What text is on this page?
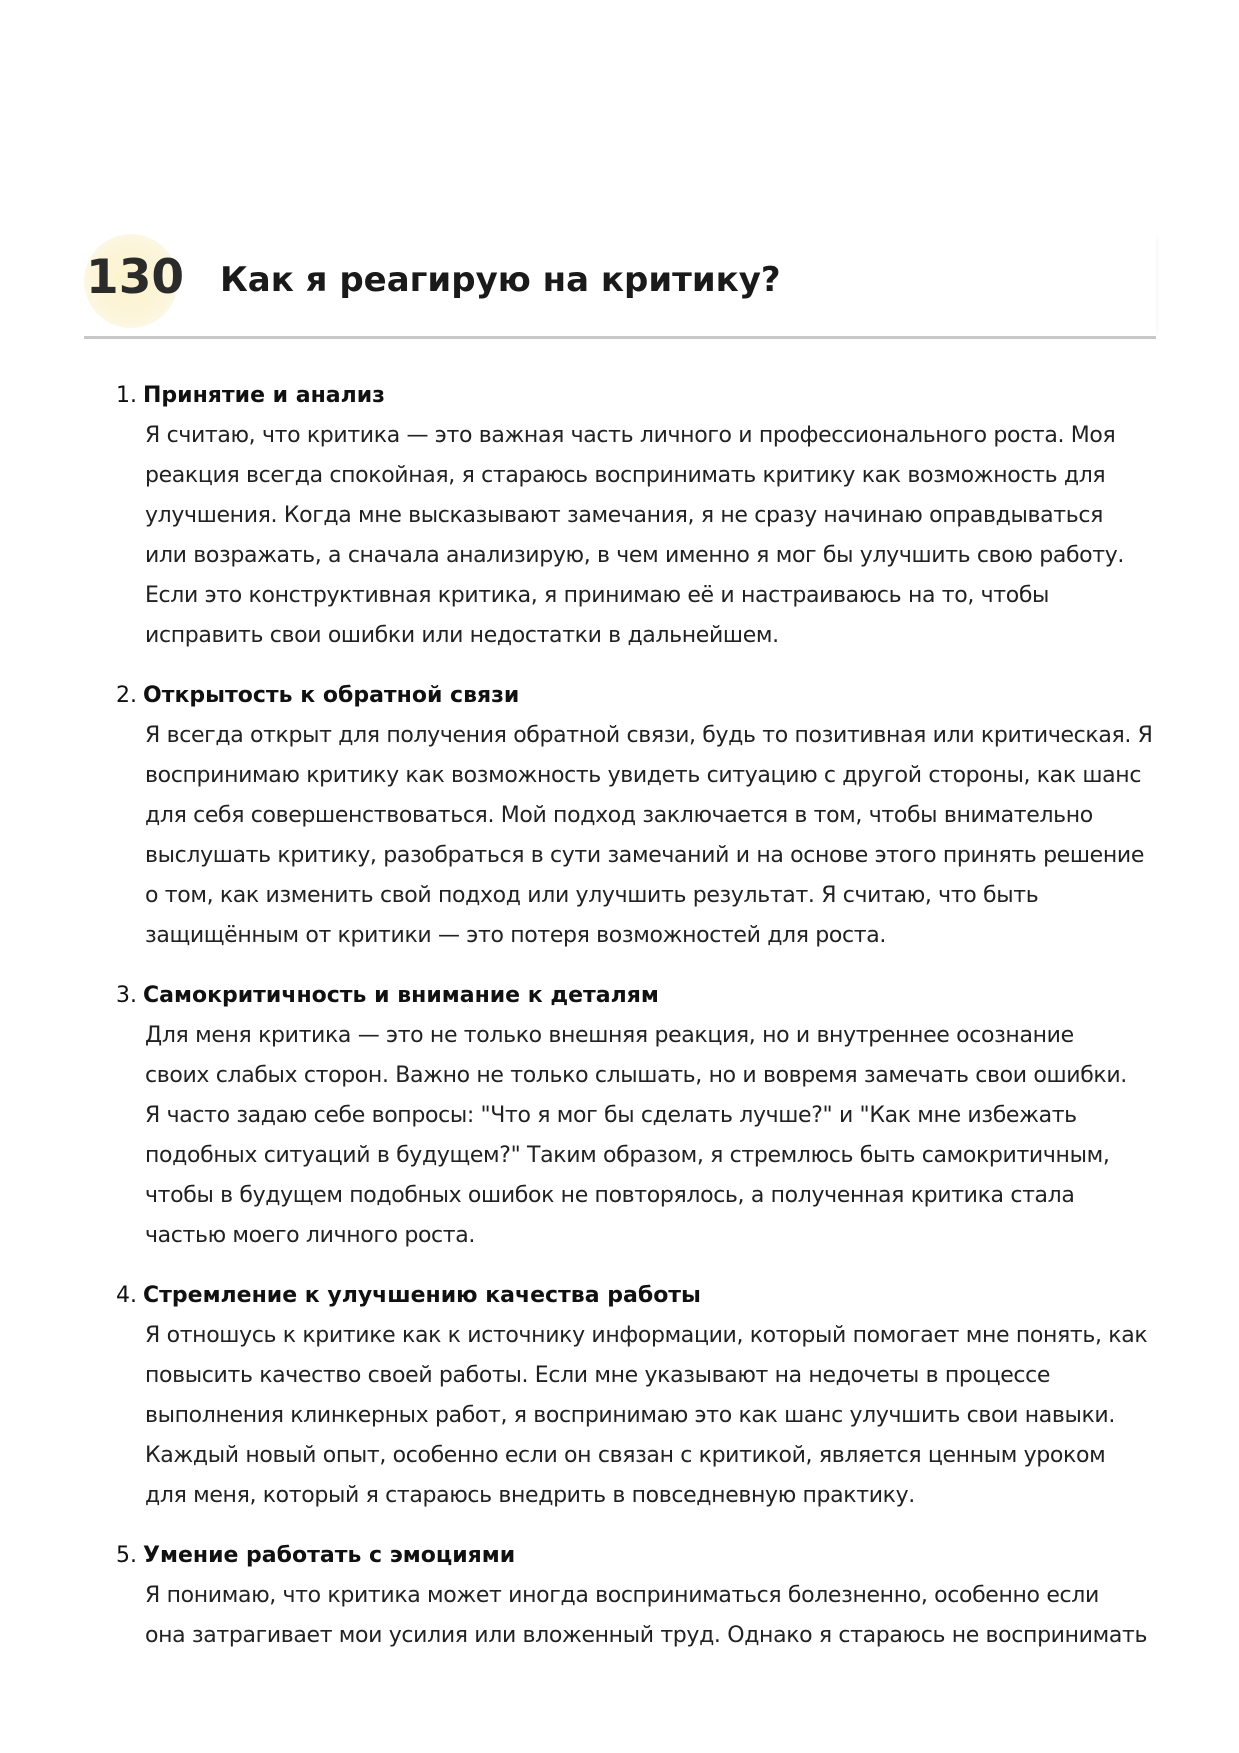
130 Как я реагирую на критику?
1. Принятие и анализ
Я считаю, что критика — это важная часть личного и профессионального роста. Моя
реакция всегда спокойная, я стараюсь воспринимать критику как возможность для
улучшения. Когда мне высказывают замечания, я не сразу начинаю оправдываться
или возражать, а сначала анализирую, в чем именно я мог бы улучшить свою работу.
Если это конструктивная критика, я принимаю её и настраиваюсь на то, чтобы
исправить свои ошибки или недостатки в дальнейшем.
2. Открытость к обратной связи
Я всегда открыт для получения обратной связи, будь то позитивная или критическая. Я
воспринимаю критику как возможность увидеть ситуацию с другой стороны, как шанс
для себя совершенствоваться. Мой подход заключается в том, чтобы внимательно
выслушать критику, разобраться в сути замечаний и на основе этого принять решение
о том, как изменить свой подход или улучшить результат. Я считаю, что быть
защищённым от критики — это потеря возможностей для роста.
3. Самокритичность и внимание к деталям
Для меня критика — это не только внешняя реакция, но и внутреннее осознание
своих слабых сторон. Важно не только слышать, но и вовремя замечать свои ошибки.
Я часто задаю себе вопросы: "Что я мог бы сделать лучше?" и "Как мне избежать
подобных ситуаций в будущем?" Таким образом, я стремлюсь быть самокритичным,
чтобы в будущем подобных ошибок не повторялось, а полученная критика стала
частью моего личного роста.
4. Стремление к улучшению качества работы
Я отношусь к критике как к источнику информации, который помогает мне понять, как
повысить качество своей работы. Если мне указывают на недочеты в процессе
выполнения клинкерных работ, я воспринимаю это как шанс улучшить свои навыки.
Каждый новый опыт, особенно если он связан с критикой, является ценным уроком
для меня, который я стараюсь внедрить в повседневную практику.
5. Умение работать с эмоциями
Я понимаю, что критика может иногда восприниматься болезненно, особенно если
она затрагивает мои усилия или вложенный труд. Однако я стараюсь не воспринимать
